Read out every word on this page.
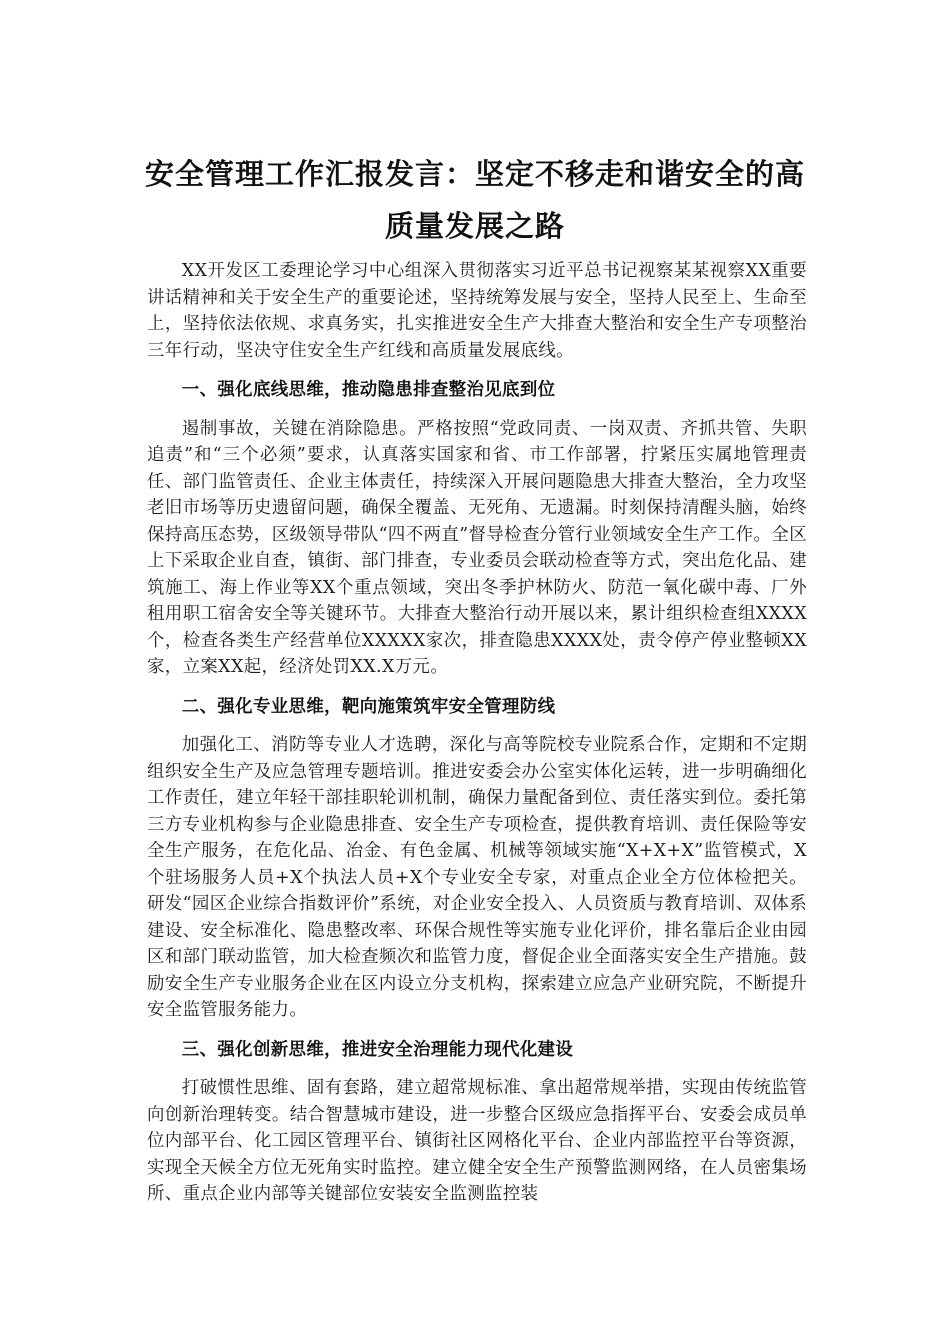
安全管理工作汇报发言：坚定不移走和谐安全的高
质量发展之路

XX开发区工委理论学习中心组深入贯彻落实习近平总书记视察某某视察XX重要讲话精神和关于安全生产的重要论述，坚持统筹发展与安全，坚持人民至上、生命至上，坚持依法依规、求真务实，扎实推进安全生产大排查大整治和安全生产专项整治三年行动，坚决守住安全生产红线和高质量发展底线。

一、强化底线思维，推动隐患排查整治见底到位

遏制事故，关键在消除隐患。严格按照“党政同责、一岗双责、齐抓共管、失职追责”和“三个必须”要求，认真落实国家和省、市工作部署，拧紧压实属地管理责任、部门监管责任、企业主体责任，持续深入开展问题隐患大排查大整治，全力攻坚老旧市场等历史遗留问题，确保全覆盖、无死角、无遗漏。时刻保持清醒头脑，始终保持高压态势，区级领导带队“四不两直”督导检查分管行业领域安全生产工作。全区上下采取企业自查，镇街、部门排查，专业委员会联动检查等方式，突出危化品、建筑施工、海上作业等XX个重点领域，突出冬季护林防火、防范一氧化碳中毒、厂外租用职工宿舍安全等关键环节。大排查大整治行动开展以来，累计组织检查组XXXX个，检查各类生产经营单位XXXXX家次，排查隐患XXXX处，责令停产停业整顿XX家，立案XX起，经济处罚XX.X万元。

二、强化专业思维，靶向施策筑牢安全管理防线

加强化工、消防等专业人才选聘，深化与高等院校专业院系合作，定期和不定期组织安全生产及应急管理专题培训。推进安委会办公室实体化运转，进一步明确细化工作责任，建立年轻干部挂职轮训机制，确保力量配备到位、责任落实到位。委托第三方专业机构参与企业隐患排查、安全生产专项检查，提供教育培训、责任保险等安全生产服务，在危化品、冶金、有色金属、机械等领域实施“X+X+X”监管模式，X个驻场服务人员+X个执法人员+X个专业安全专家，对重点企业全方位体检把关。研发“园区企业综合指数评价”系统，对企业安全投入、人员资质与教育培训、双体系建设、安全标准化、隐患整改率、环保合规性等实施专业化评价，排名靠后企业由园区和部门联动监管，加大检查频次和监管力度，督促企业全面落实安全生产措施。鼓励安全生产专业服务企业在区内设立分支机构，探索建立应急产业研究院，不断提升安全监管服务能力。

三、强化创新思维，推进安全治理能力现代化建设

打破惯性思维、固有套路，建立超常规标准、拿出超常规举措，实现由传统监管向创新治理转变。结合智慧城市建设，进一步整合区级应急指挥平台、安委会成员单位内部平台、化工园区管理平台、镇街社区网格化平台、企业内部监控平台等资源，实现全天候全方位无死角实时监控。建立健全安全生产预警监测网络，在人员密集场所、重点企业内部等关键部位安装安全监测监控装
